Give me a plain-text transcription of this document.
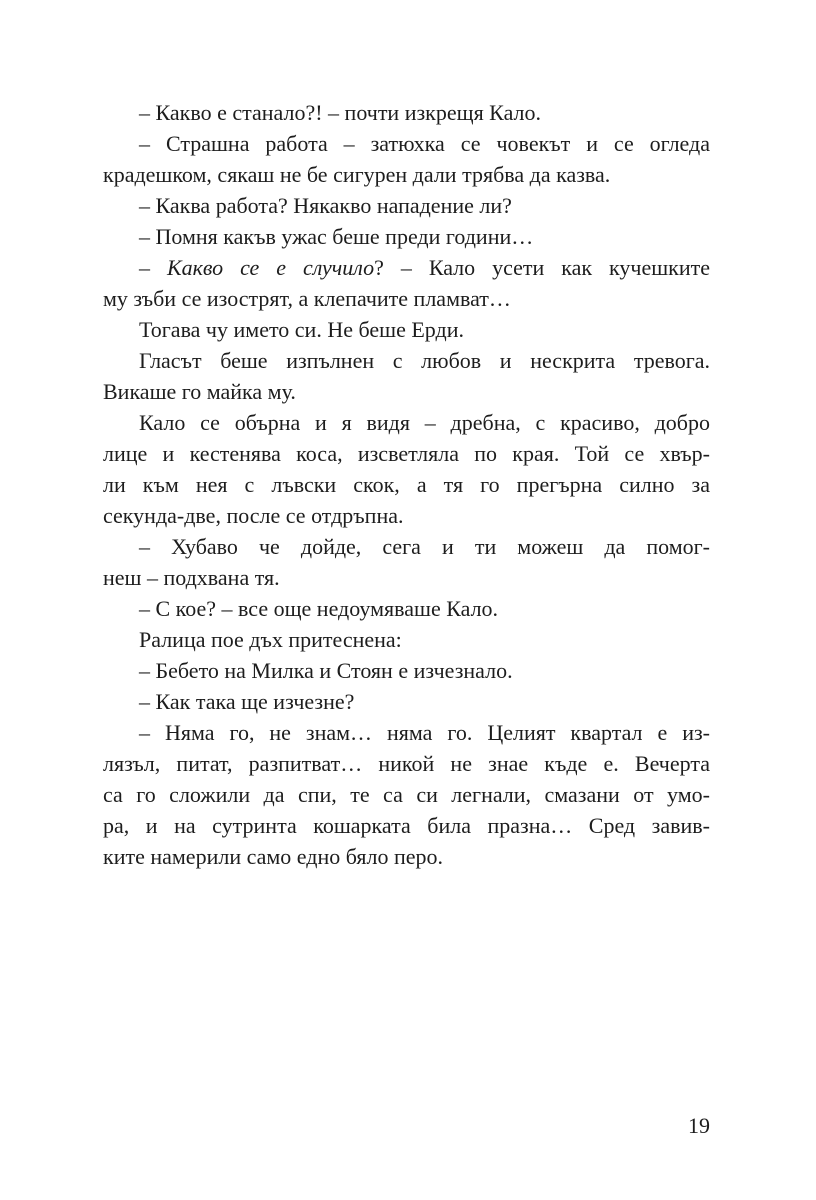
– Какво е станало?! – почти изкрещя Кало.
– Страшна работа – затюхка се човекът и се огледа
крадешком, сякаш не бе сигурен дали трябва да казва.
– Каква работа? Някакво нападение ли?
– Помня какъв ужас беше преди години…
– Какво се е случило? – Кало усети как кучешките
му зъби се изострят, а клепачите пламват…
Тогава чу името си. Не беше Ерди.
Гласът беше изпълнен с любов и нескрита тревога.
Викаше го майка му.
Кало се обърна и я видя – дребна, с красиво, добро
лице и кестенява коса, изсветляла по края. Той се хвър-
ли към нея с лъвски скок, а тя го прегърна силно за
секунда-две, после се отдръпна.
– Хубаво че дойде, сега и ти можеш да помог-
неш – подхвана тя.
– С кое? – все още недоумяваше Кало.
Ралица пое дъх притеснена:
– Бебето на Милка и Стоян е изчезнало.
– Как така ще изчезне?
– Няма го, не знам… няма го. Целият квартал е из-
лязъл, питат, разпитват… никой не знае къде е. Вечерта
са го сложили да спи, те са си легнали, смазани от умо-
ра, и на сутринта кошарката била празна… Сред завив-
ките намерили само едно бяло перо.
19
